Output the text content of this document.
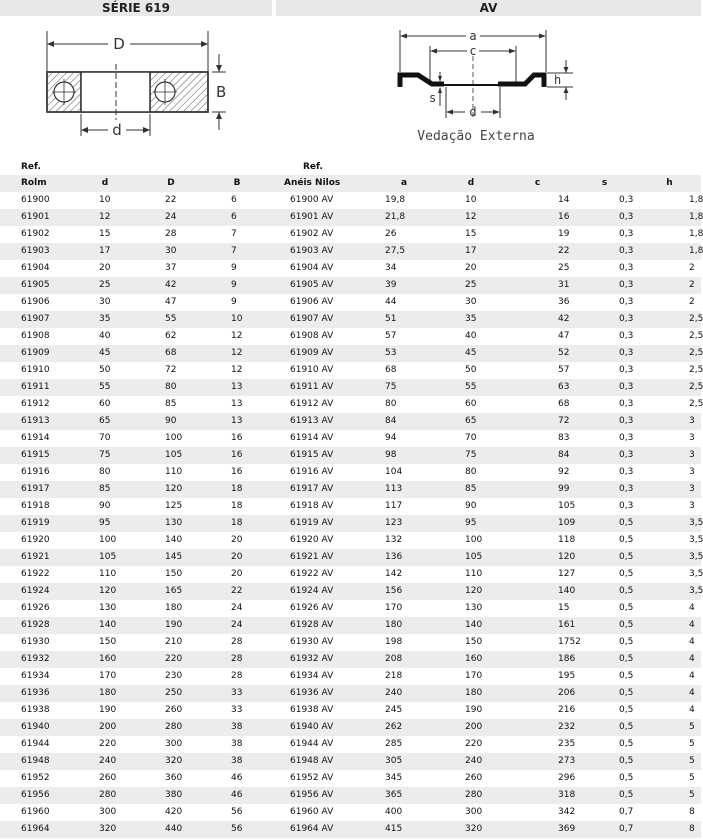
SÉRIE 619	AV
D
B
d
a
c
h
s
d
Vedação Externa
Ref.				Ref.					
Rolm	d	D	B	Anéis Nilos	a	d	c	s	h
61900	10	22	6	61900 AV	19,8	10	14	0,3	1,8
61901	12	24	6	61901 AV	21,8	12	16	0,3	1,8
61902	15	28	7	61902 AV	26	15	19	0,3	1,8
61903	17	30	7	61903 AV	27,5	17	22	0,3	1,8
61904	20	37	9	61904 AV	34	20	25	0,3	2
61905	25	42	9	61905 AV	39	25	31	0,3	2
61906	30	47	9	61906 AV	44	30	36	0,3	2
61907	35	55	10	61907 AV	51	35	42	0,3	2,5
61908	40	62	12	61908 AV	57	40	47	0,3	2,5
61909	45	68	12	61909 AV	53	45	52	0,3	2,5
61910	50	72	12	61910 AV	68	50	57	0,3	2,5
61911	55	80	13	61911 AV	75	55	63	0,3	2,5
61912	60	85	13	61912 AV	80	60	68	0,3	2,5
61913	65	90	13	61913 AV	84	65	72	0,3	3
61914	70	100	16	61914 AV	94	70	83	0,3	3
61915	75	105	16	61915 AV	98	75	84	0,3	3
61916	80	110	16	61916 AV	104	80	92	0,3	3
61917	85	120	18	61917 AV	113	85	99	0,3	3
61918	90	125	18	61918 AV	117	90	105	0,3	3
61919	95	130	18	61919 AV	123	95	109	0,5	3,5
61920	100	140	20	61920 AV	132	100	118	0,5	3,5
61921	105	145	20	61921 AV	136	105	120	0,5	3,5
61922	110	150	20	61922 AV	142	110	127	0,5	3,5
61924	120	165	22	61924 AV	156	120	140	0,5	3,5
61926	130	180	24	61926 AV	170	130	15	0,5	4
61928	140	190	24	61928 AV	180	140	161	0,5	4
61930	150	210	28	61930 AV	198	150	1752	0,5	4
61932	160	220	28	61932 AV	208	160	186	0,5	4
61934	170	230	28	61934 AV	218	170	195	0,5	4
61936	180	250	33	61936 AV	240	180	206	0,5	4
61938	190	260	33	61938 AV	245	190	216	0,5	4
61940	200	280	38	61940 AV	262	200	232	0,5	5
61944	220	300	38	61944 AV	285	220	235	0,5	5
61948	240	320	38	61948 AV	305	240	273	0,5	5
61952	260	360	46	61952 AV	345	260	296	0,5	5
61956	280	380	46	61956 AV	365	280	318	0,5	5
61960	300	420	56	61960 AV	400	300	342	0,7	8
61964	320	440	56	61964 AV	415	320	369	0,7	8
